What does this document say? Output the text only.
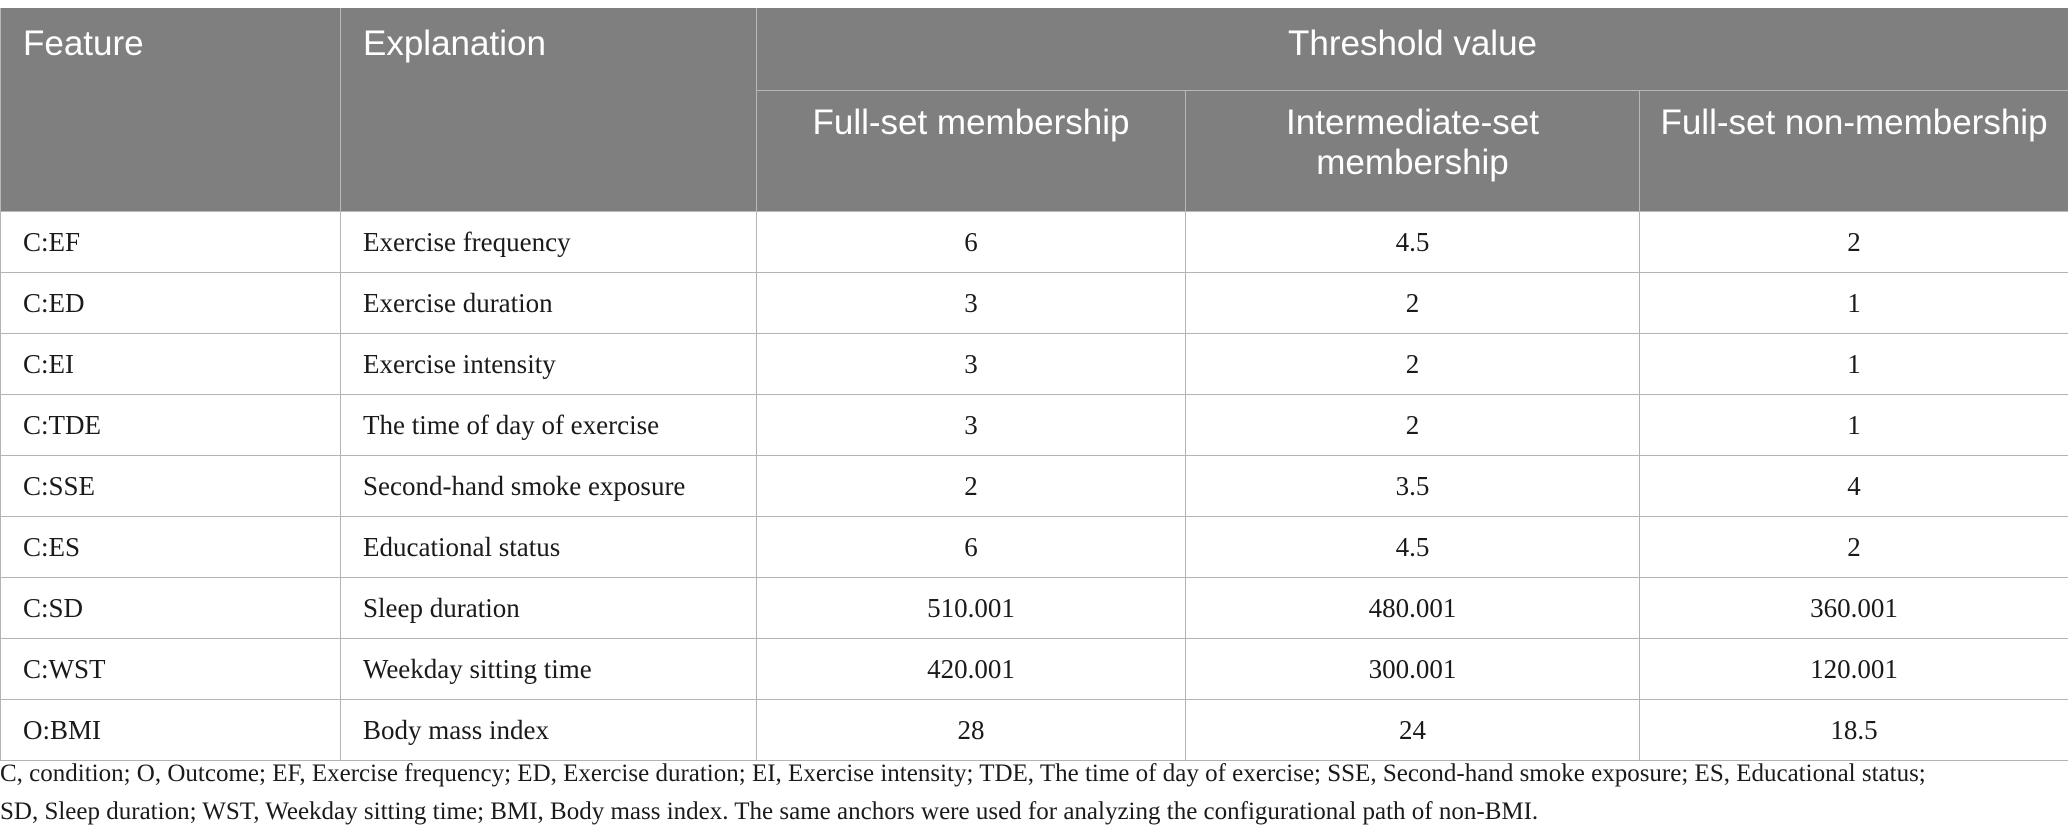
Feature	Explanation	Threshold value		
		Full-set membership	Intermediate-set membership	Full-set non-membership
C:EF	Exercise frequency	6	4.5	2
C:ED	Exercise duration	3	2	1
C:EI	Exercise intensity	3	2	1
C:TDE	The time of day of exercise	3	2	1
C:SSE	Second-hand smoke exposure	2	3.5	4
C:ES	Educational status	6	4.5	2
C:SD	Sleep duration	510.001	480.001	360.001
C:WST	Weekday sitting time	420.001	300.001	120.001
O:BMI	Body mass index	28	24	18.5
C, condition; O, Outcome; EF, Exercise frequency; ED, Exercise duration; EI, Exercise intensity; TDE, The time of day of exercise; SSE, Second-hand smoke exposure; ES, Educational status;
SD, Sleep duration; WST, Weekday sitting time; BMI, Body mass index. The same anchors were used for analyzing the configurational path of non-BMI.
